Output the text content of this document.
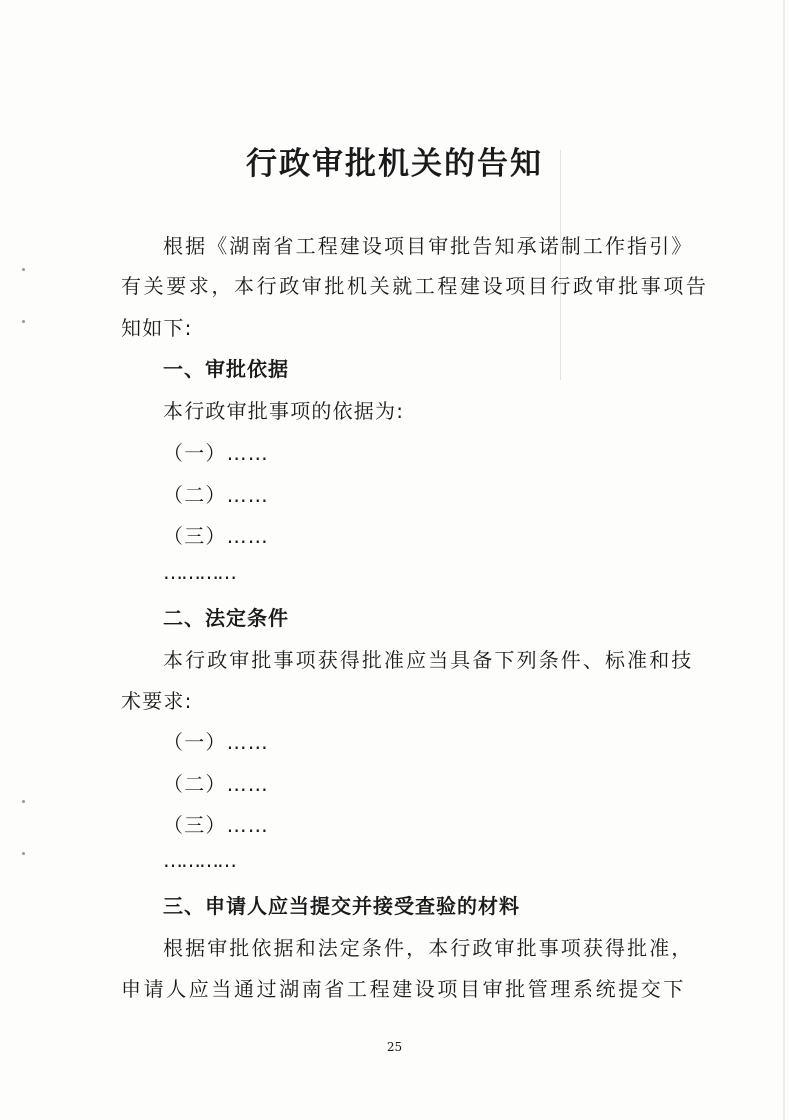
行政审批机关的告知
根据《湖南省工程建设项目审批告知承诺制工作指引》
有关要求，本行政审批机关就工程建设项目行政审批事项告
知如下:
一、审批依据
本行政审批事项的依据为:
（一）……
（二）……
（三）……
…………
二、法定条件
本行政审批事项获得批准应当具备下列条件、标准和技
术要求:
（一）……
（二）……
（三）……
…………
三、申请人应当提交并接受查验的材料
根据审批依据和法定条件，本行政审批事项获得批准，
申请人应当通过湖南省工程建设项目审批管理系统提交下
25
